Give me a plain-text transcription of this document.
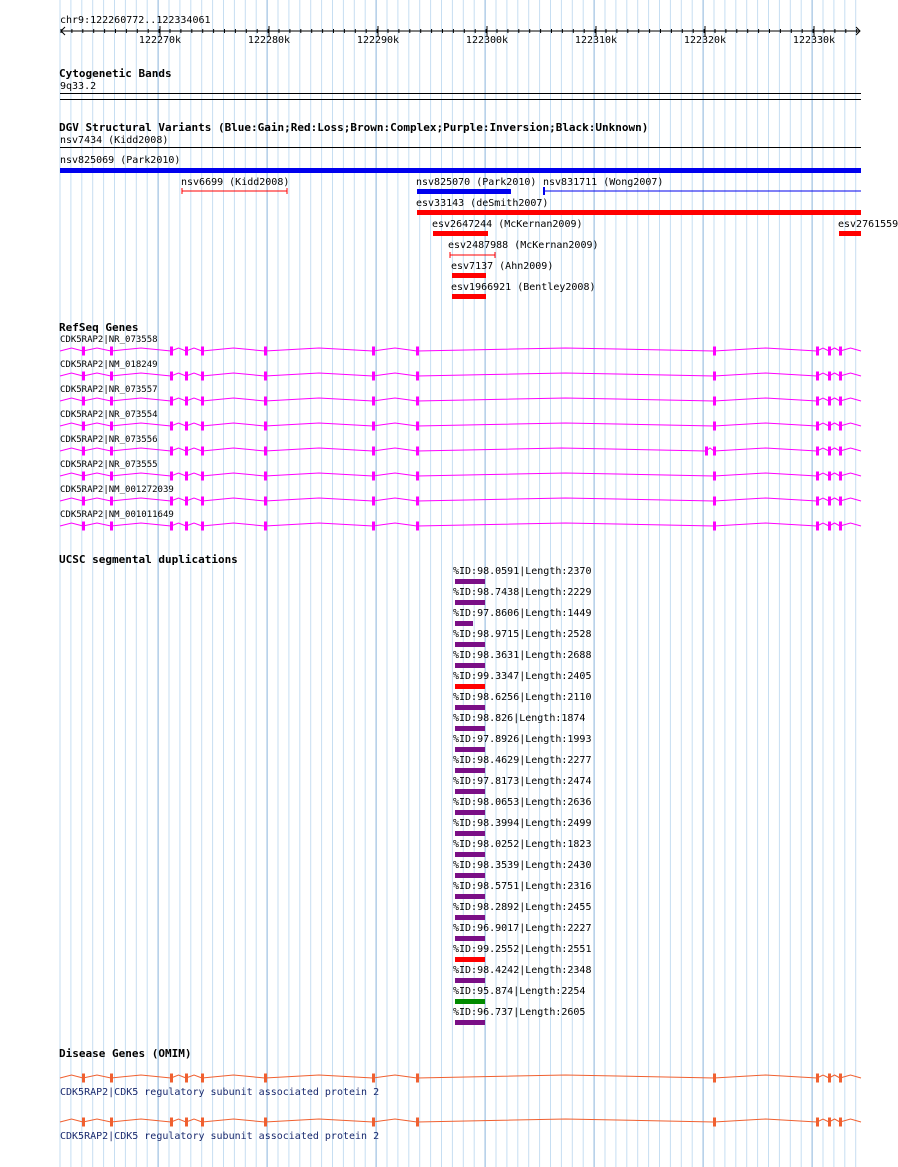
chr9:122260772..122334061
122270k	122280k	122290k	122300k	122310k	122320k	122330k
Cytogenetic Bands
9q33.2
DGV Structural Variants (Blue:Gain;Red:Loss;Brown:Complex;Purple:Inversion;Black:Unknown)
nsv7434 (Kidd2008)
nsv825069 (Park2010)
nsv6699 (Kidd2008)	nsv825070 (Park2010) nsv831711 (Wong2007)
esv33143 (deSmith2007)
esv2647244 (McKernan2009)	esv2761559
esv2487988 (McKernan2009)
esv7137 (Ahn2009)
esv1966921 (Bentley2008)
RefSeq Genes
CDK5RAP2|NR_073558
CDK5RAP2|NM_018249
CDK5RAP2|NR_073557
CDK5RAP2|NR_073554
CDK5RAP2|NR_073556
CDK5RAP2|NR_073555
CDK5RAP2|NM_001272039
CDK5RAP2|NM_001011649
UCSC segmental duplications
%ID:98.0591|Length:2370
%ID:98.7438|Length:2229
%ID:97.8606|Length:1449
%ID:98.9715|Length:2528
%ID:98.3631|Length:2688
%ID:99.3347|Length:2405
%ID:98.6256|Length:2110
%ID:98.826|Length:1874
%ID:97.8926|Length:1993
%ID:98.4629|Length:2277
%ID:97.8173|Length:2474
%ID:98.0653|Length:2636
%ID:98.3994|Length:2499
%ID:98.0252|Length:1823
%ID:98.3539|Length:2430
%ID:98.5751|Length:2316
%ID:98.2892|Length:2455
%ID:96.9017|Length:2227
%ID:99.2552|Length:2551
%ID:98.4242|Length:2348
%ID:95.874|Length:2254
%ID:96.737|Length:2605
Disease Genes (OMIM)
CDK5RAP2|CDK5 regulatory subunit associated protein 2
CDK5RAP2|CDK5 regulatory subunit associated protein 2
